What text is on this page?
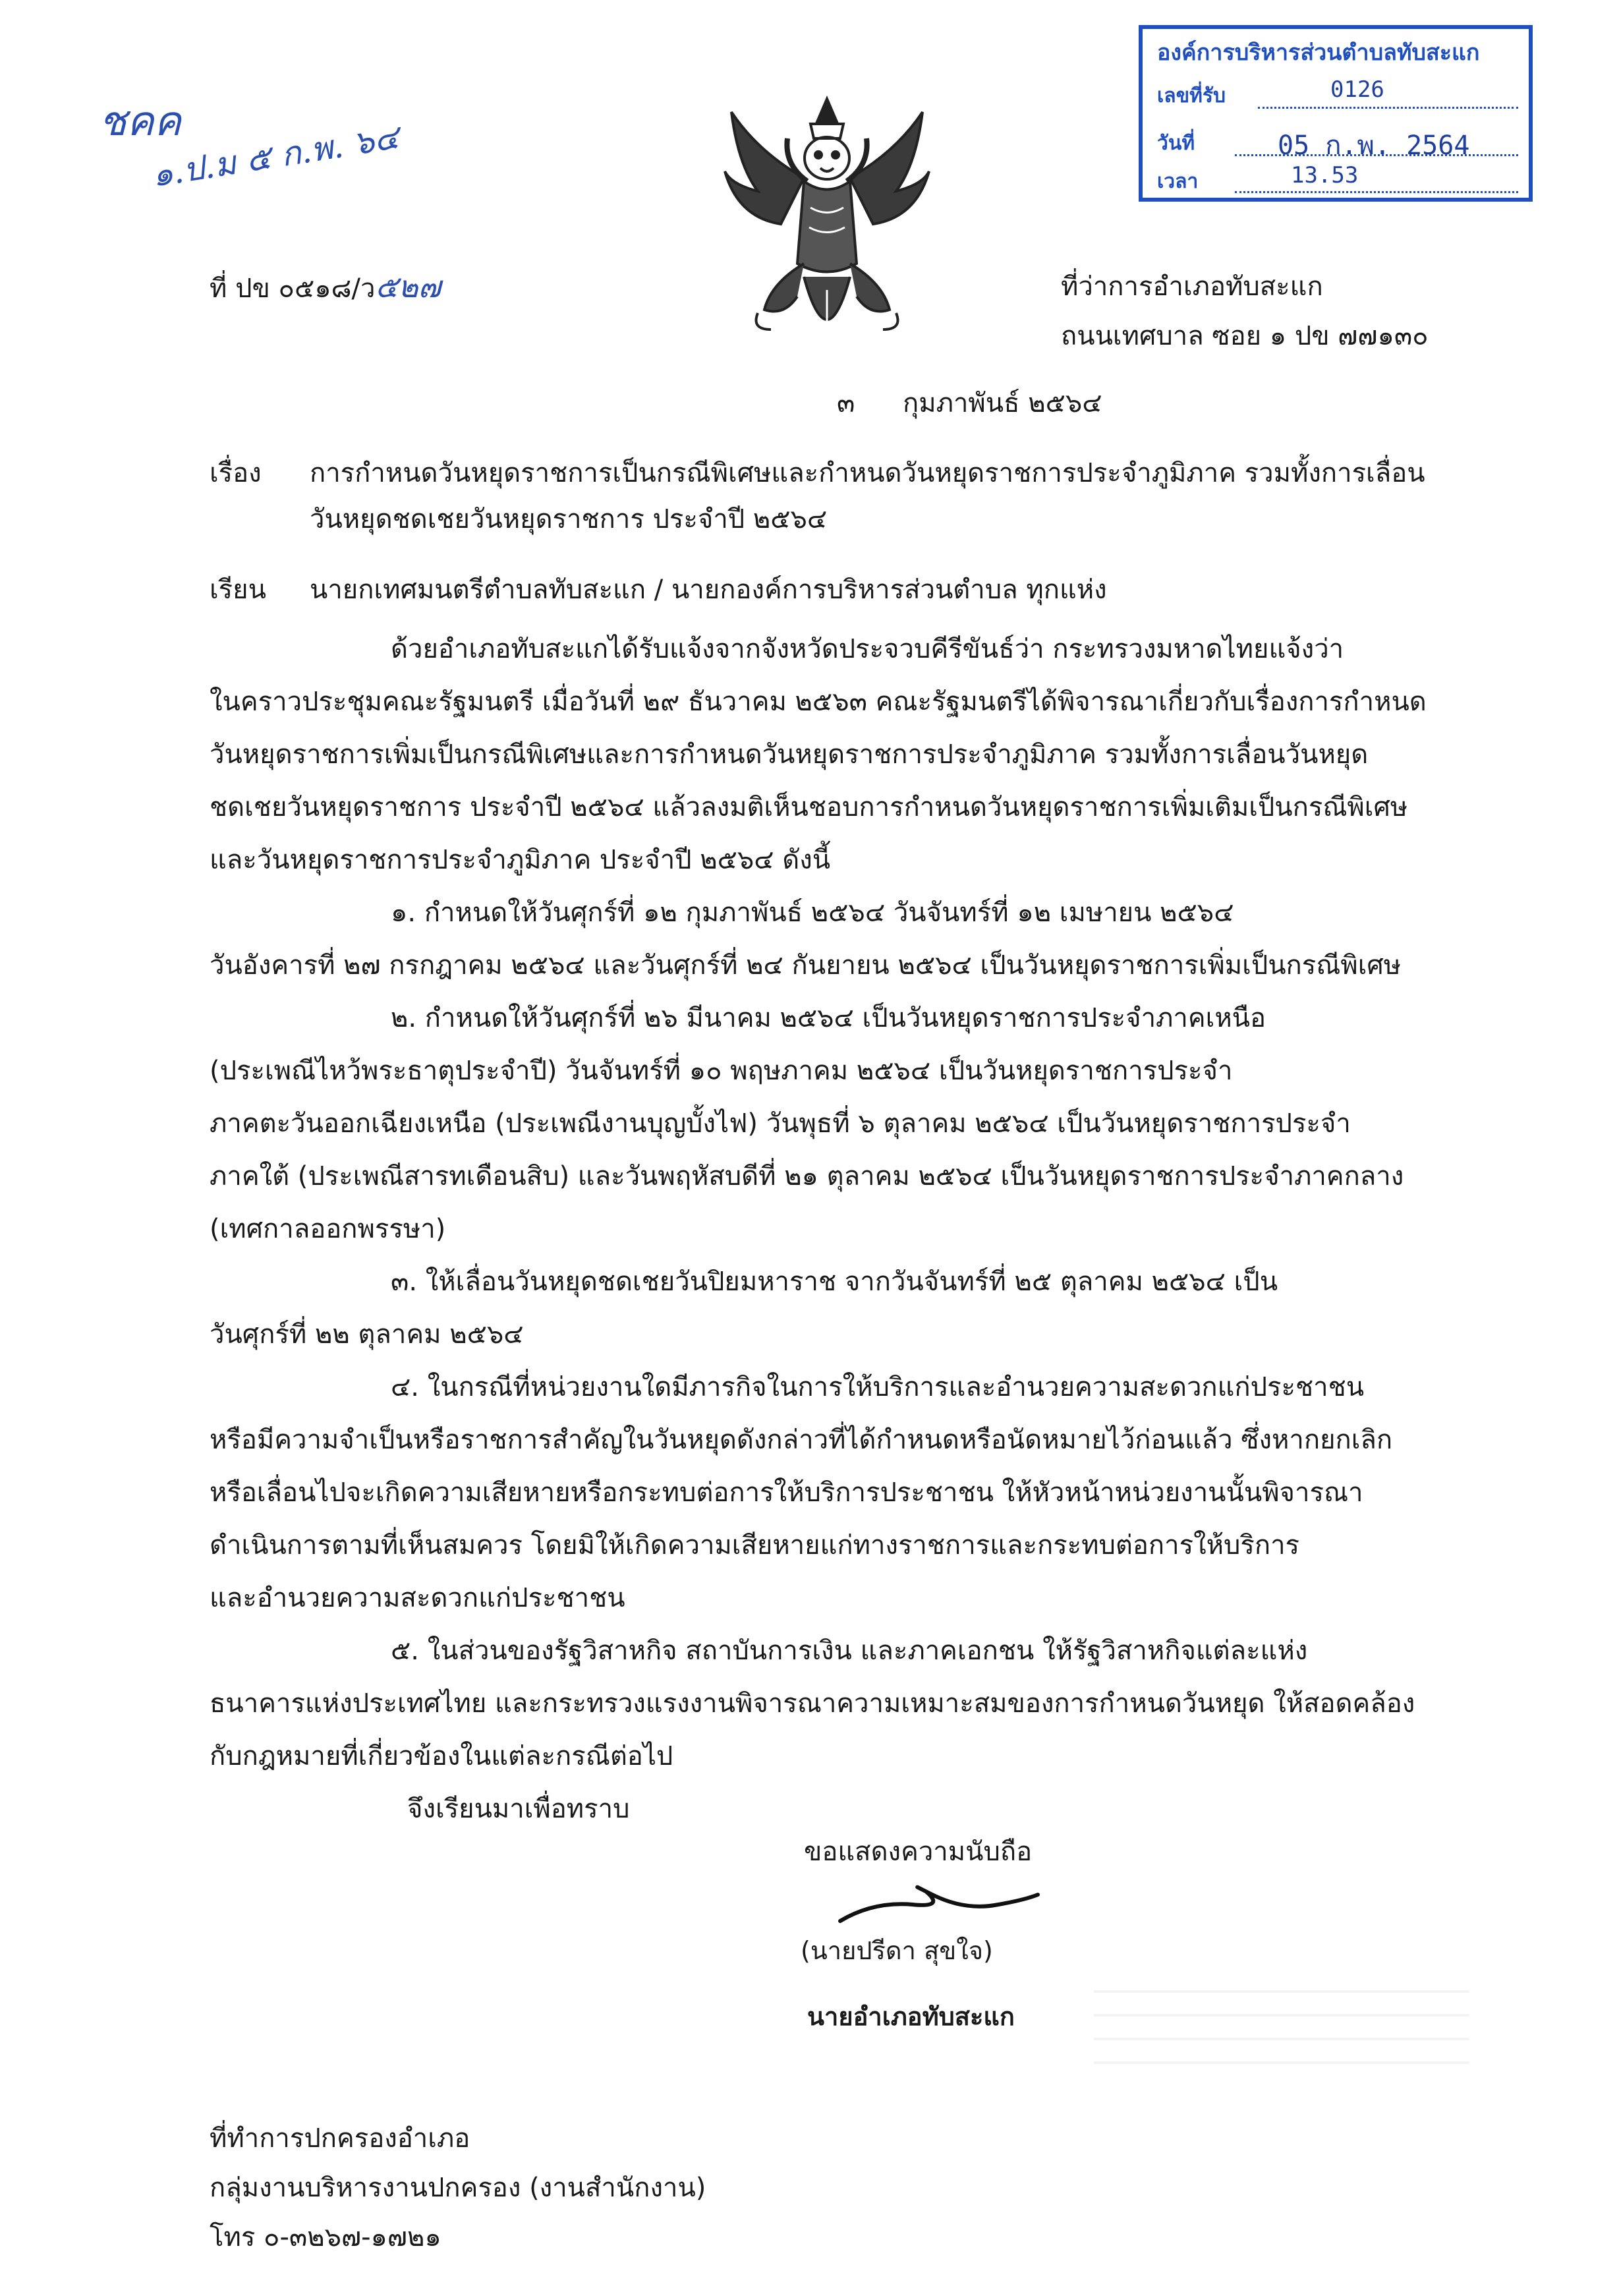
ชคค
๑.ป.ม ๕ ก.พ. ๖๔
องค์การบริหารส่วนตำบลทับสะแก
เลขที่รับ	0126
วันที่	05 ก.พ. 2564
เวลา	13.53
ที่ ปข ๐๕๑๘/ว๕๒๗	ที่ว่าการอำเภอทับสะแก
ถนนเทศบาล ซอย ๑ ปข ๗๗๑๓๐
๓ กุมภาพันธ์ ๒๕๖๔
เรื่อง การกำหนดวันหยุดราชการเป็นกรณีพิเศษและกำหนดวันหยุดราชการประจำภูมิภาค รวมทั้งการเลื่อน
วันหยุดชดเชยวันหยุดราชการ ประจำปี ๒๕๖๔
เรียน นายกเทศมนตรีตำบลทับสะแก / นายกองค์การบริหารส่วนตำบล ทุกแห่ง

ด้วยอำเภอทับสะแกได้รับแจ้งจากจังหวัดประจวบคีรีขันธ์ว่า กระทรวงมหาดไทยแจ้งว่า

ในคราวประชุมคณะรัฐมนตรี เมื่อวันที่ ๒๙ ธันวาคม ๒๕๖๓ คณะรัฐมนตรีได้พิจารณาเกี่ยวกับเรื่องการกำหนด

วันหยุดราชการเพิ่มเป็นกรณีพิเศษและการกำหนดวันหยุดราชการประจำภูมิภาค รวมทั้งการเลื่อนวันหยุด

ชดเชยวันหยุดราชการ ประจำปี ๒๕๖๔ แล้วลงมติเห็นชอบการกำหนดวันหยุดราชการเพิ่มเติมเป็นกรณีพิเศษ

และวันหยุดราชการประจำภูมิภาค ประจำปี ๒๕๖๔ ดังนี้

๑. กำหนดให้วันศุกร์ที่ ๑๒ กุมภาพันธ์ ๒๕๖๔ วันจันทร์ที่ ๑๒ เมษายน ๒๕๖๔

วันอังคารที่ ๒๗ กรกฎาคม ๒๕๖๔ และวันศุกร์ที่ ๒๔ กันยายน ๒๕๖๔ เป็นวันหยุดราชการเพิ่มเป็นกรณีพิเศษ

๒. กำหนดให้วันศุกร์ที่ ๒๖ มีนาคม ๒๕๖๔ เป็นวันหยุดราชการประจำภาคเหนือ

(ประเพณีไหว้พระธาตุประจำปี) วันจันทร์ที่ ๑๐ พฤษภาคม ๒๕๖๔ เป็นวันหยุดราชการประจำ

ภาคตะวันออกเฉียงเหนือ (ประเพณีงานบุญบั้งไฟ) วันพุธที่ ๖ ตุลาคม ๒๕๖๔ เป็นวันหยุดราชการประจำ

ภาคใต้ (ประเพณีสารทเดือนสิบ) และวันพฤหัสบดีที่ ๒๑ ตุลาคม ๒๕๖๔ เป็นวันหยุดราชการประจำภาคกลาง

(เทศกาลออกพรรษา)

๓. ให้เลื่อนวันหยุดชดเชยวันปิยมหาราช จากวันจันทร์ที่ ๒๕ ตุลาคม ๒๕๖๔ เป็น

วันศุกร์ที่ ๒๒ ตุลาคม ๒๕๖๔

๔. ในกรณีที่หน่วยงานใดมีภารกิจในการให้บริการและอำนวยความสะดวกแก่ประชาชน

หรือมีความจำเป็นหรือราชการสำคัญในวันหยุดดังกล่าวที่ได้กำหนดหรือนัดหมายไว้ก่อนแล้ว ซึ่งหากยกเลิก

หรือเลื่อนไปจะเกิดความเสียหายหรือกระทบต่อการให้บริการประชาชน ให้หัวหน้าหน่วยงานนั้นพิจารณา

ดำเนินการตามที่เห็นสมควร โดยมิให้เกิดความเสียหายแก่ทางราชการและกระทบต่อการให้บริการ

และอำนวยความสะดวกแก่ประชาชน

๕. ในส่วนของรัฐวิสาหกิจ สถาบันการเงิน และภาคเอกชน ให้รัฐวิสาหกิจแต่ละแห่ง

ธนาคารแห่งประเทศไทย และกระทรวงแรงงานพิจารณาความเหมาะสมของการกำหนดวันหยุด ให้สอดคล้อง

กับกฎหมายที่เกี่ยวข้องในแต่ละกรณีต่อไป

จึงเรียนมาเพื่อทราบ

ขอแสดงความนับถือ
(นายปรีดา สุขใจ)
นายอำเภอทับสะแก
ที่ทำการปกครองอำเภอ
กลุ่มงานบริหารงานปกครอง (งานสำนักงาน)
โทร ๐-๓๒๖๗-๑๗๒๑
